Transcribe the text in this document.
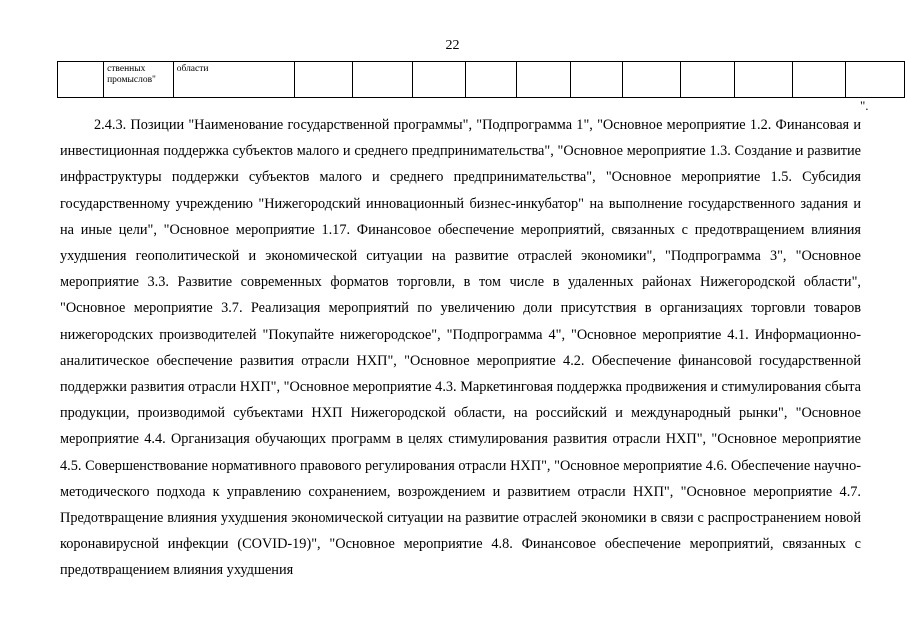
22
	ственных промыслов"	области											
".

2.4.3. Позиции "Наименование государственной программы", "Подпрограмма 1", "Основное мероприятие 1.2. Финансовая и инвестиционная поддержка субъектов малого и среднего предпринимательства", "Основное мероприятие 1.3. Создание и развитие инфраструктуры поддержки субъектов малого и среднего предпринимательства", "Основное мероприятие 1.5. Субсидия государственному учреждению "Нижегородский инновационный бизнес-инкубатор" на выполнение государственного задания и на иные цели", "Основное мероприятие 1.17. Финансовое обеспечение мероприятий, связанных с предотвращением влияния ухудшения геополитической и экономической ситуации на развитие отраслей экономики", "Подпрограмма 3", "Основное мероприятие 3.3. Развитие современных форматов торговли, в том числе в удаленных районах Нижегородской области", "Основное мероприятие 3.7. Реализация мероприятий по увеличению доли присутствия в организациях торговли товаров нижегородских производителей "Покупайте нижегородское", "Подпрограмма 4", "Основное мероприятие 4.1. Информационно-аналитическое обеспечение развития отрасли НХП", "Основное мероприятие 4.2. Обеспечение финансовой государственной поддержки развития отрасли НХП", "Основное мероприятие 4.3. Маркетинговая поддержка продвижения и стимулирования сбыта продукции, производимой субъектами НХП Нижегородской области, на российский и международный рынки", "Основное мероприятие 4.4. Организация обучающих программ в целях стимулирования развития отрасли НХП", "Основное мероприятие 4.5. Совершенствование нормативного правового регулирования отрасли НХП", "Основное мероприятие 4.6. Обеспечение научно-методического подхода к управлению сохранением, возрождением и развитием отрасли НХП", "Основное мероприятие 4.7. Предотвращение влияния ухудшения экономической ситуации на развитие отраслей экономики в связи с распространением новой коронавирусной инфекции (COVID-19)", "Основное мероприятие 4.8. Финансовое обеспечение мероприятий, связанных с предотвращением влияния ухудшения
